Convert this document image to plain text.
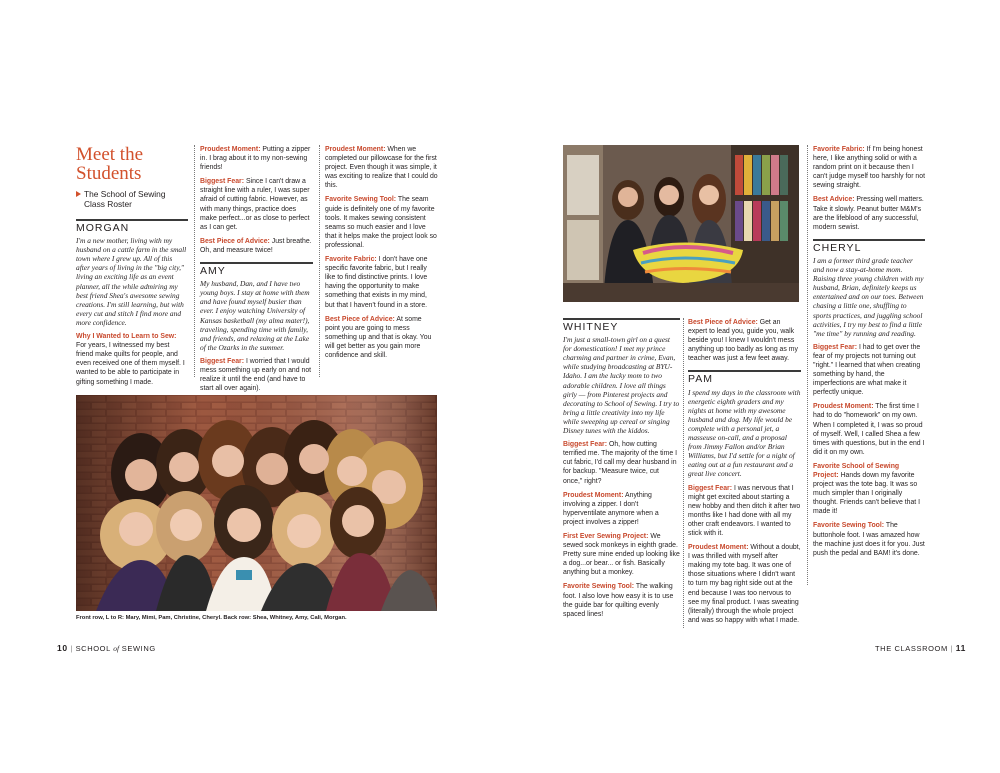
Meet the
Students
The School of Sewing
Class Roster
MORGAN

I'm a new mother, living with my husband on a cattle farm in the small town where I grew up. All of this after years of living in the "big city," living an exciting life as an event planner, all the while admiring my best friend Shea's awesome sewing creations. I'm still learning, but with every cut and stitch I find more and more confidence.

Why I Wanted to Learn to Sew: For years, I witnessed my best friend make quilts for people, and even received one of them myself. I wanted to be able to participate in gifting something I made.

Proudest Moment: Putting a zipper in. I brag about it to my non-sewing friends!

Biggest Fear: Since I can't draw a straight line with a ruler, I was super afraid of cutting fabric. However, as with many things, practice does make perfect...or as close to perfect as I can get.

Best Piece of Advice: Just breathe. Oh, and measure twice!

AMY

My husband, Dan, and I have two young boys. I stay at home with them and have found myself busier than ever. I enjoy watching University of Kansas basketball (my alma mater!), traveling, spending time with family, and friends, and relaxing at the Lake of the Ozarks in the summer.

Biggest Fear: I worried that I would mess something up early on and not realize it until the end (and have to start all over again).

Proudest Moment: When we completed our pillowcase for the first project. Even though it was simple, it was exciting to realize that I could do this.

Favorite Sewing Tool: The seam guide is definitely one of my favorite tools. It makes sewing consistent seams so much easier and I love that it helps make the project look so professional.

Favorite Fabric: I don't have one specific favorite fabric, but I really like to find distinctive prints. I love having the opportunity to make something that exists in my mind, but that I haven't found in a store.

Best Piece of Advice: At some point you are going to mess something up and that is okay. You will get better as you gain more confidence and skill.

Front row, L to R: Mary, Mimi, Pam, Christine, Cheryl. Back row: Shea, Whitney, Amy, Cali, Morgan.
10 | SCHOOL of SEWING
WHITNEY

I'm just a small-town girl on a quest for domestication! I met my prince charming and partner in crime, Evan, while studying broadcasting at BYU-Idaho. I am the lucky mom to two adorable children. I love all things girly — from Pinterest projects and decorating to School of Sewing. I try to bring a little creativity into my life while sweeping up cereal or singing Disney tunes with the kiddos.

Biggest Fear: Oh, how cutting terrified me. The majority of the time I cut fabric, I'd call my dear husband in for backup. "Measure twice, cut once," right?

Proudest Moment: Anything involving a zipper. I don't hyperventilate anymore when a project involves a zipper!

First Ever Sewing Project: We sewed sock monkeys in eighth grade. Pretty sure mine ended up looking like a dog...or bear... or fish. Basically anything but a monkey.

Favorite Sewing Tool: The walking foot. I also love how easy it is to use the guide bar for quilting evenly spaced lines!

Best Piece of Advice: Get an expert to lead you, guide you, walk beside you! I knew I wouldn't mess anything up too badly as long as my teacher was just a few feet away.

PAM

I spend my days in the classroom with energetic eighth graders and my nights at home with my awesome husband and dog. My life would be complete with a personal jet, a masseuse on-call, and a proposal from Jimmy Fallon and/or Brian Williams, but I'd settle for a night of eating out at a fun restaurant and a great live concert.

Biggest Fear: I was nervous that I might get excited about starting a new hobby and then ditch it after two months like I had done with all my other craft endeavors. I wanted to stick with it.

Proudest Moment: Without a doubt, I was thrilled with myself after making my tote bag. It was one of those situations where I didn't want to turn my bag right side out at the end because I was too nervous to see my final product. I was sweating (literally) through the whole project and was so happy with what I made.

Favorite Fabric: If I'm being honest here, I like anything solid or with a random print on it because then I can't judge myself too harshly for not sewing straight.

Best Advice: Pressing well matters. Take it slowly. Peanut butter M&M's are the lifeblood of any successful, modern sewist.

CHERYL

I am a former third grade teacher and now a stay-at-home mom. Raising three young children with my husband, Brian, definitely keeps us entertained and on our toes. Between chasing a little one, shuffling to sports practices, and juggling school activities, I try my best to find a little "me time" by running and reading.

Biggest Fear: I had to get over the fear of my projects not turning out "right." I learned that when creating something by hand, the imperfections are what make it perfectly unique.

Proudest Moment: The first time I had to do "homework" on my own. When I completed it, I was so proud of myself. Well, I called Shea a few times with questions, but in the end I did it on my own.

Favorite School of Sewing Project: Hands down my favorite project was the tote bag. It was so much simpler than I originally thought. Friends can't believe that I made it!

Favorite Sewing Tool: The buttonhole foot. I was amazed how the machine just does it for you. Just push the pedal and BAM! it's done.

THE CLASSROOM | 11
